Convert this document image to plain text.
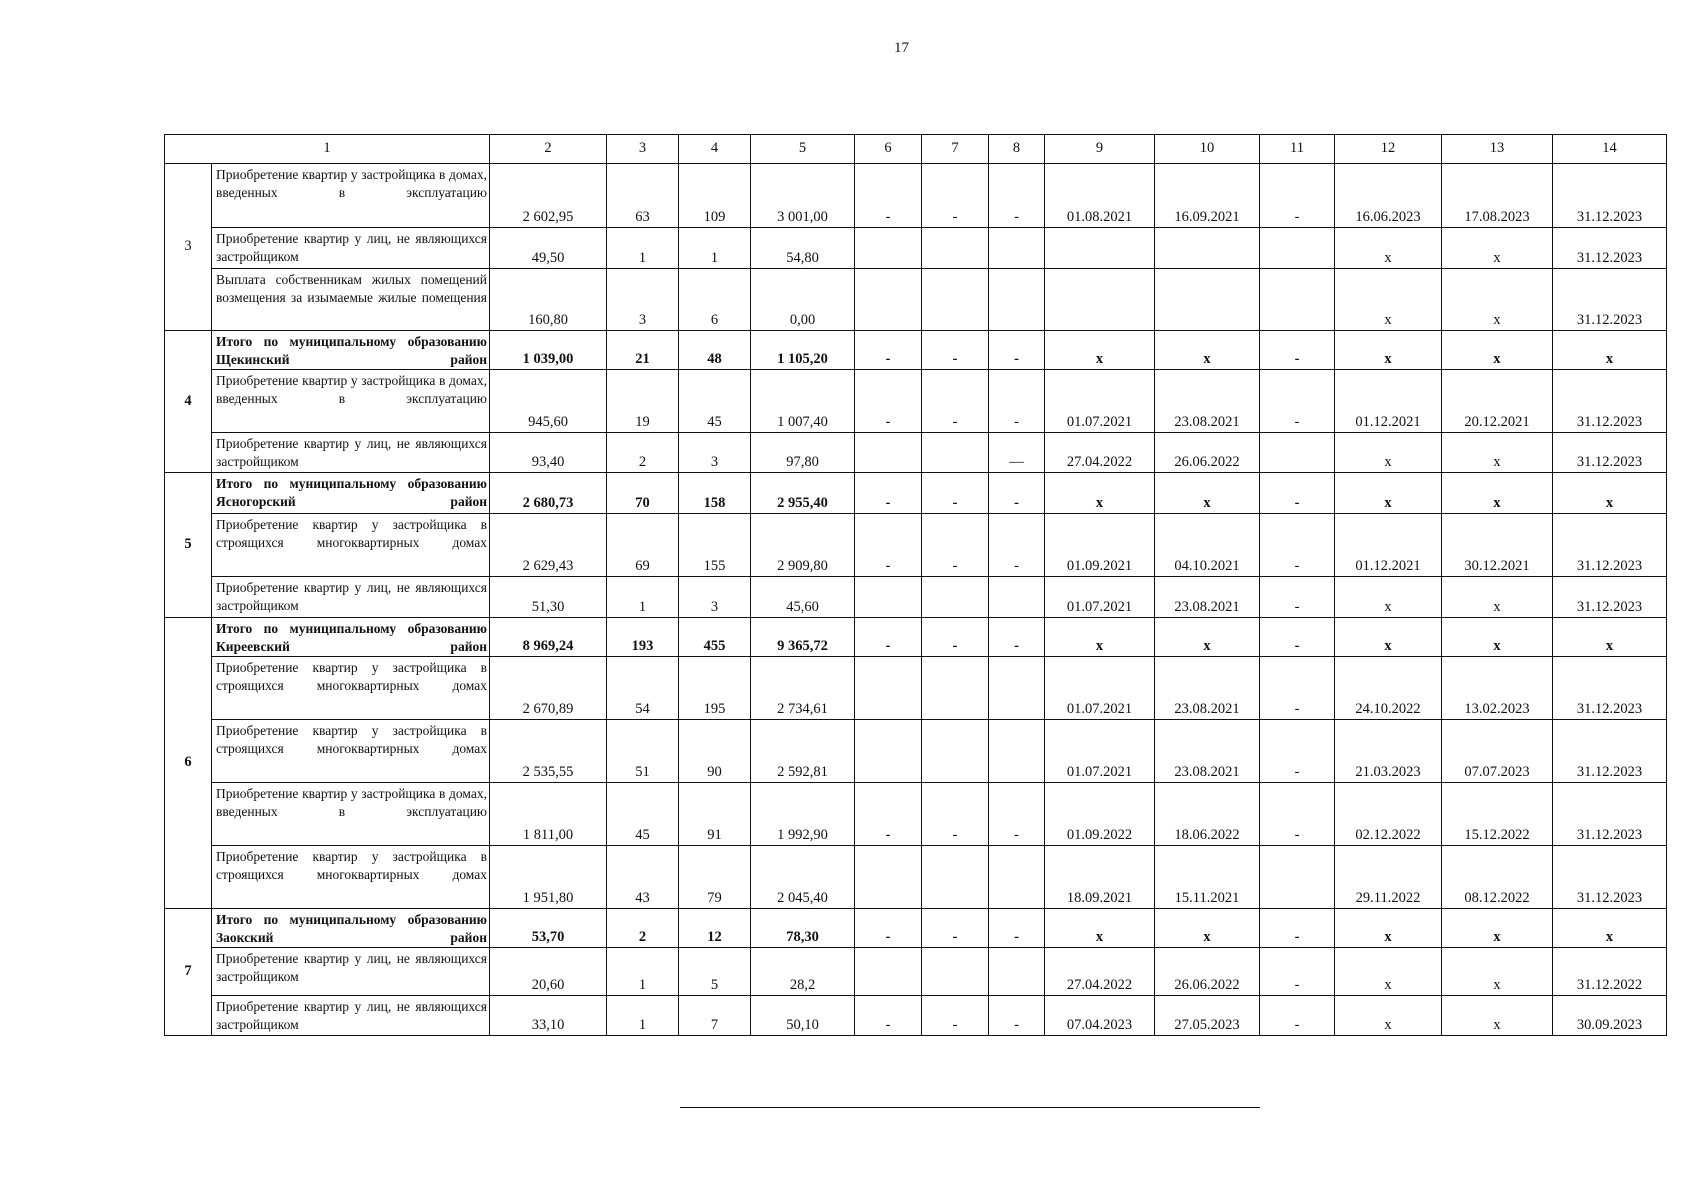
17
1		2	3	4	5	6	7	8	9	10	11	12	13	14
3	Приобретение квартир у застройщика в домах, введенных в эксплуатацию	2 602,95	63	109	3 001,00	-	-	-	01.08.2021	16.09.2021	-	16.06.2023	17.08.2023	31.12.2023
	Приобретение квартир у лиц, не являющихся застройщиком	49,50	1	1	54,80							x	x	31.12.2023
	Выплата собственникам жилых помещений возмещения за изымаемые жилые помещения	160,80	3	6	0,00							x	x	31.12.2023
4	Итого по муниципальному образованию Щекинский район	1 039,00	21	48	1 105,20	-	-	-	x	x	-	x	x	x
	Приобретение квартир у застройщика в домах, введенных в эксплуатацию	945,60	19	45	1 007,40	-	-	-	01.07.2021	23.08.2021	-	01.12.2021	20.12.2021	31.12.2023
	Приобретение квартир у лиц, не являющихся застройщиком	93,40	2	3	97,80			—	27.04.2022	26.06.2022		x	x	31.12.2023
5	Итого по муниципальному образованию Ясногорский район	2 680,73	70	158	2 955,40	-	-	-	x	x	-	x	x	x
	Приобретение квартир у застройщика в строящихся многоквартирных домах	2 629,43	69	155	2 909,80	-	-	-	01.09.2021	04.10.2021	-	01.12.2021	30.12.2021	31.12.2023
	Приобретение квартир у лиц, не являющихся застройщиком	51,30	1	3	45,60				01.07.2021	23.08.2021	-	x	x	31.12.2023
6	Итого по муниципальному образованию Киреевский район	8 969,24	193	455	9 365,72	-	-	-	x	x	-	x	x	x
	Приобретение квартир у застройщика в строящихся многоквартирных домах	2 670,89	54	195	2 734,61				01.07.2021	23.08.2021	-	24.10.2022	13.02.2023	31.12.2023
	Приобретение квартир у застройщика в строящихся многоквартирных домах	2 535,55	51	90	2 592,81				01.07.2021	23.08.2021	-	21.03.2023	07.07.2023	31.12.2023
	Приобретение квартир у застройщика в домах, введенных в эксплуатацию	1 811,00	45	91	1 992,90	-	-	-	01.09.2022	18.06.2022	-	02.12.2022	15.12.2022	31.12.2023
	Приобретение квартир у застройщика в строящихся многоквартирных домах	1 951,80	43	79	2 045,40				18.09.2021	15.11.2021		29.11.2022	08.12.2022	31.12.2023
7	Итого по муниципальному образованию Заокский район	53,70	2	12	78,30	-	-	-	x	x	-	x	x	x
	Приобретение квартир у лиц, не являющихся застройщиком	20,60	1	5	28,2				27.04.2022	26.06.2022	-	x	x	31.12.2022
	Приобретение квартир у лиц, не являющихся застройщиком	33,10	1	7	50,10	-	-	-	07.04.2023	27.05.2023	-	x	x	30.09.2023
